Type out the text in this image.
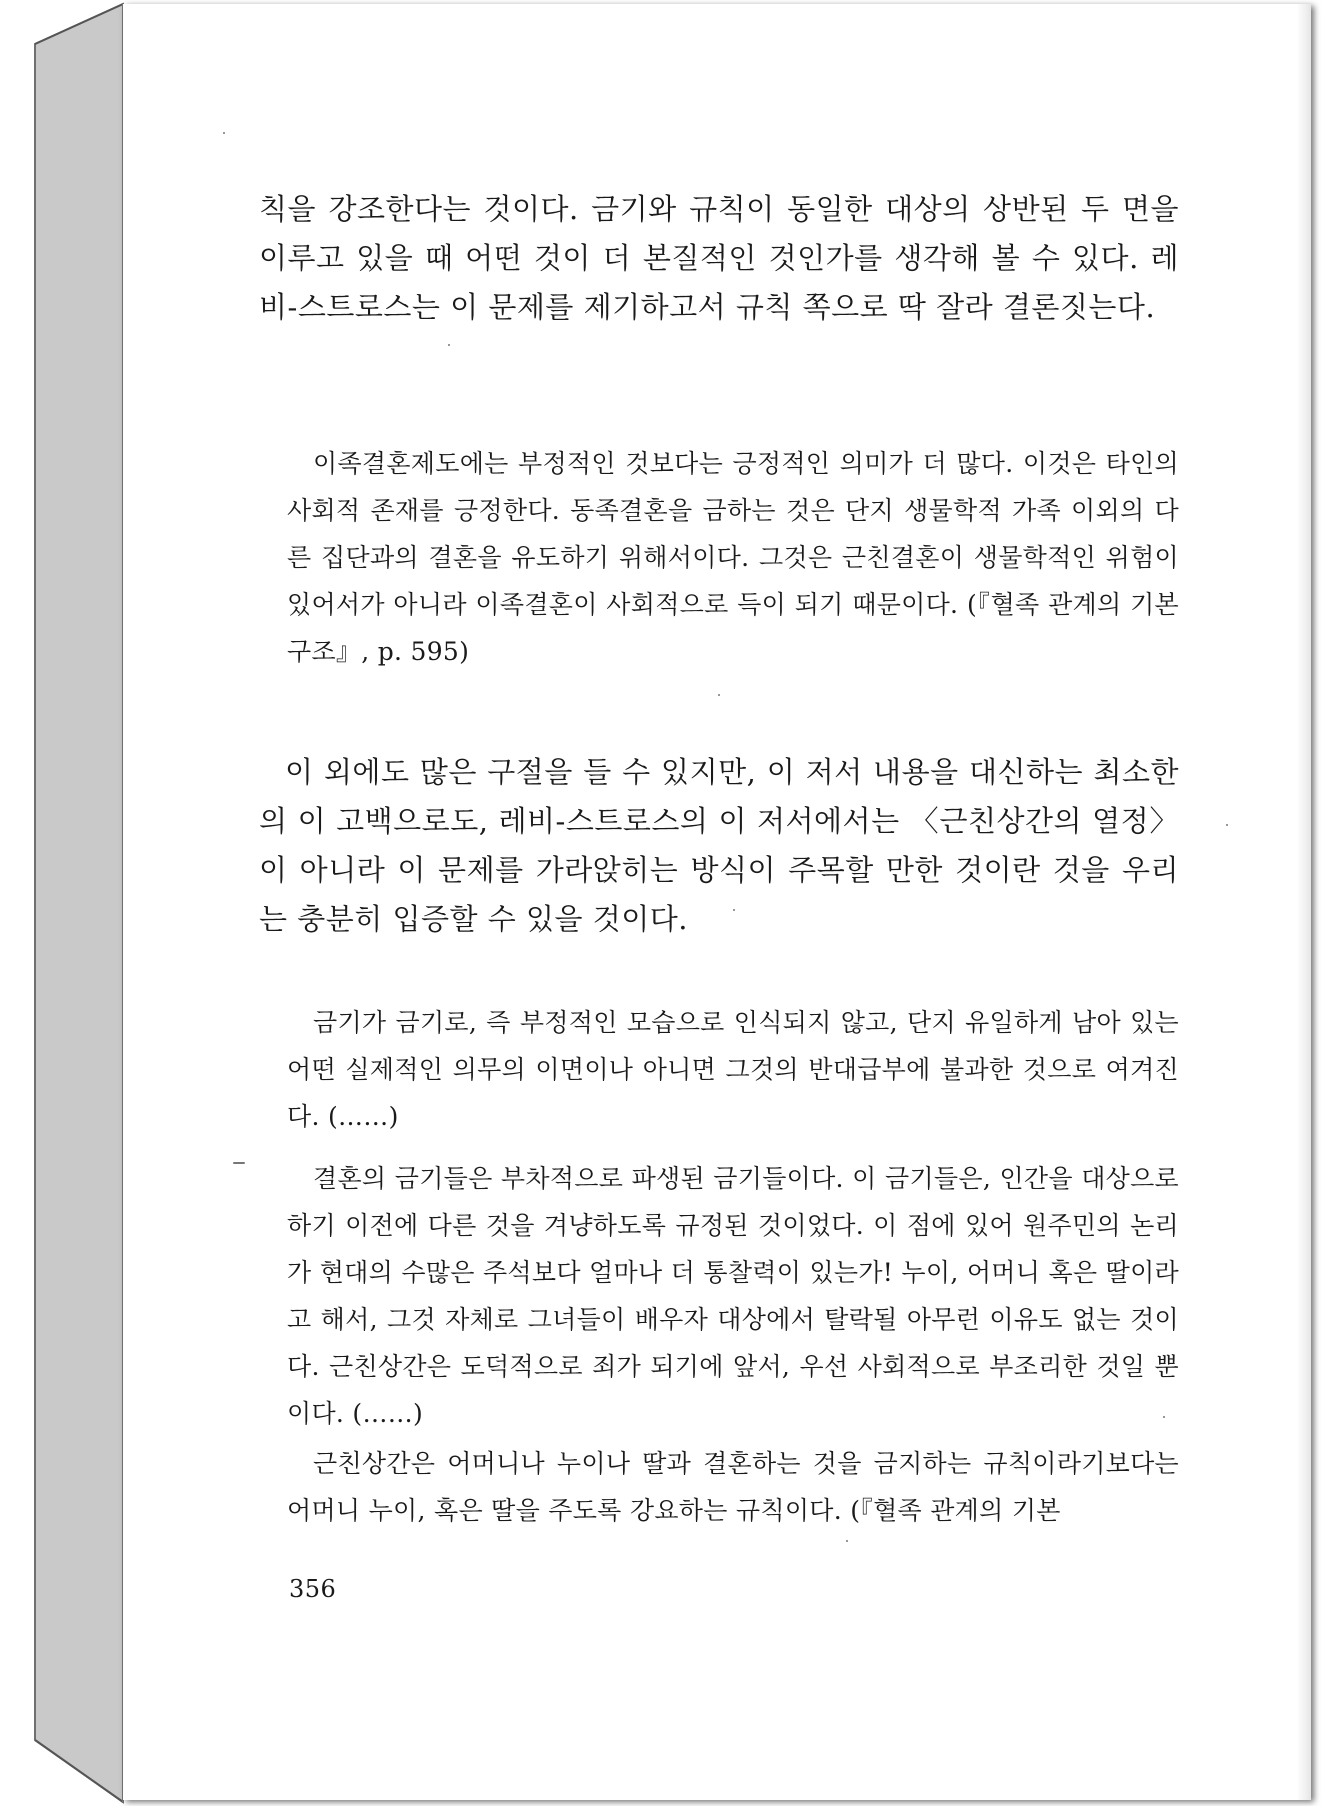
칙을 강조한다는 것이다. 금기와 규칙이 동일한 대상의 상반된 두 면을 이루고 있을 때 어떤 것이 더 본질적인 것인가를 생각해 볼 수 있다. 레비-스트로스는 이 문제를 제기하고서 규칙 쪽으로 딱 잘라 결론짓는다.

이족결혼제도에는 부정적인 것보다는 긍정적인 의미가 더 많다. 이것은 타인의 사회적 존재를 긍정한다. 동족결혼을 금하는 것은 단지 생물학적 가족 이외의 다른 집단과의 결혼을 유도하기 위해서이다. 그것은 근친결혼이 생물학적인 위험이 있어서가 아니라 이족결혼이 사회적으로 득이 되기 때문이다. (『혈족 관계의 기본구조』, p. 595)

이 외에도 많은 구절을 들 수 있지만, 이 저서 내용을 대신하는 최소한의 이 고백으로도, 레비-스트로스의 이 저서에서는 〈근친상간의 열정〉이 아니라 이 문제를 가라앉히는 방식이 주목할 만한 것이란 것을 우리는 충분히 입증할 수 있을 것이다.

금기가 금기로, 즉 부정적인 모습으로 인식되지 않고, 단지 유일하게 남아 있는 어떤 실제적인 의무의 이면이나 아니면 그것의 반대급부에 불과한 것으로 여겨진다. (……)

결혼의 금기들은 부차적으로 파생된 금기들이다. 이 금기들은, 인간을 대상으로 하기 이전에 다른 것을 겨냥하도록 규정된 것이었다. 이 점에 있어 원주민의 논리가 현대의 수많은 주석보다 얼마나 더 통찰력이 있는가! 누이, 어머니 혹은 딸이라고 해서, 그것 자체로 그녀들이 배우자 대상에서 탈락될 아무런 이유도 없는 것이다. 근친상간은 도덕적으로 죄가 되기에 앞서, 우선 사회적으로 부조리한 것일 뿐이다. (……)

근친상간은 어머니나 누이나 딸과 결혼하는 것을 금지하는 규칙이라기보다는 어머니 누이, 혹은 딸을 주도록 강요하는 규칙이다. (『혈족 관계의 기본

356
